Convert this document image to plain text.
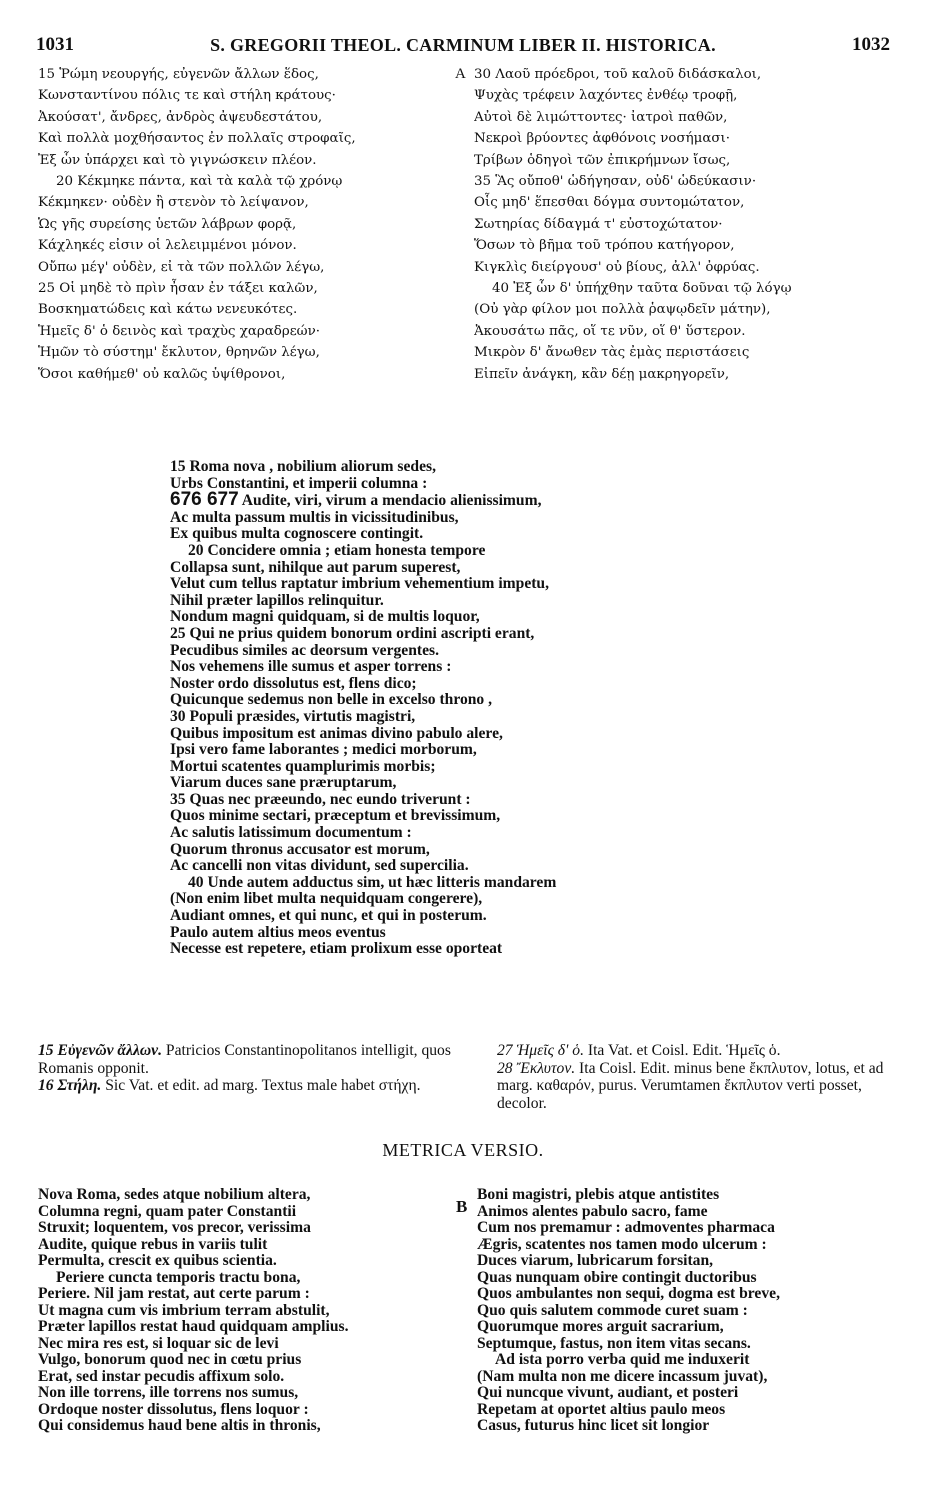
1031	S. GREGORII THEOL. CARMINUM LIBER II. HISTORICA.	1032
15 Ῥώμη νεουργής, εὐγενῶν ἄλλων ἕδος,
Κωνσταντίνου πόλις τε καὶ στήλη κράτους·
Ἀκούσατ', ἄνδρες, ἀνδρὸς ἀψευδεστάτου,
Καὶ πολλὰ μοχθήσαντος ἐν πολλαῖς στροφαῖς,
Ἐξ ὧν ὑπάρχει καὶ τὸ γιγνώσκειν πλέον.
20 Κέκμηκε πάντα, καὶ τὰ καλὰ τῷ χρόνῳ
Κέκμηκεν· οὐδὲν ἢ στενὸν τὸ λείψανον,
Ὡς γῆς συρείσης ὑετῶν λάβρων φορᾷ,
Κάχληκές εἰσιν οἱ λελειμμένοι μόνον.
Οὔπω μέγ' οὐδὲν, εἰ τὰ τῶν πολλῶν λέγω,
25 Οἱ μηδὲ τὸ πρὶν ἦσαν ἐν τάξει καλῶν,
Βοσκηματώδεις καὶ κάτω νενευκότες.
Ἡμεῖς δ' ὁ δεινὸς καὶ τραχὺς χαραδρεών·
Ἡμῶν τὸ σύστημ' ἔκλυτον, θρηνῶν λέγω,
Ὅσοι καθήμεθ' οὐ καλῶς ὑψίθρονοι,
A 30 Λαοῦ πρόεδροι, τοῦ καλοῦ διδάσκαλοι,
Ψυχὰς τρέφειν λαχόντες ἐνθέῳ τροφῇ,
Αὐτοὶ δὲ λιμώττοντες· ἰατροὶ παθῶν,
Νεκροὶ βρύοντες ἀφθόνοις νοσήμασι·
Τρίβων ὁδηγοὶ τῶν ἐπικρήμνων ἴσως,
35 Ἃς οὔποθ' ὡδήγησαν, οὐδ' ὡδεύκασιν·
Οἷς μηδ' ἕπεσθαι δόγμα συντομώτατον,
Σωτηρίας δίδαγμά τ' εὐστοχώτατον·
Ὅσων τὸ βῆμα τοῦ τρόπου κατήγορον,
Κιγκλὶς διείργουσ' οὐ βίους, ἀλλ' ὀφρύας.
40 Ἐξ ὧν δ' ὑπήχθην ταῦτα δοῦναι τῷ λόγῳ
(Οὐ γὰρ φίλον μοι πολλὰ ῥαψῳδεῖν μάτην),
Ἀκουσάτω πᾶς, οἵ τε νῦν, οἵ θ' ὕστερον.
Μικρὸν δ' ἄνωθεν τὰς ἐμὰς περιστάσεις
Εἰπεῖν ἀνάγκη, κἂν δέῃ μακρηγορεῖν,
15 Roma nova , nobilium aliorum sedes,
Urbs Constantini, et imperii columna :
676 677 Audite, viri, virum a mendacio alienissimum,
Ac multa passum multis in vicissitudinibus,
Ex quibus multa cognoscere contingit.
20 Concidere omnia ; etiam honesta tempore
Collapsa sunt, nihilque aut parum superest,
Velut cum tellus raptatur imbrium vehementium impetu,
Nihil præter lapillos relinquitur.
Nondum magni quidquam, si de multis loquor,
25 Qui ne prius quidem bonorum ordini ascripti erant,
Pecudibus similes ac deorsum vergentes.
Nos vehemens ille sumus et asper torrens :
Noster ordo dissolutus est, flens dico;
Quicunque sedemus non belle in excelso throno ,
30 Populi præsides, virtutis magistri,
Quibus impositum est animas divino pabulo alere,
Ipsi vero fame laborantes ; medici morborum,
Mortui scatentes quamplurimis morbis;
Viarum duces sane præruptarum,
35 Quas nec præeundo, nec eundo triverunt :
Quos minime sectari, præceptum et brevissimum,
Ac salutis latissimum documentum :
Quorum thronus accusator est morum,
Ac cancelli non vitas dividunt, sed supercilia.
40 Unde autem adductus sim, ut hæc litteris mandarem
(Non enim libet multa nequidquam congerere),
Audiant omnes, et qui nunc, et qui in posterum.
Paulo autem altius meos eventus
Necesse est repetere, etiam prolixum esse oporteat

15 Εὐγενῶν ἄλλων. Patricios Constantinopolitanos intelligit, quos Romanis opponit.

16 Στήλη. Sic Vat. et edit. ad marg. Textus male habet στήχη.

27 Ἡμεῖς δ' ὁ. Ita Vat. et Coisl. Edit. Ἡμεῖς ὁ.

28 Ἔκλυτον. Ita Coisl. Edit. minus bene ἔκπλυτον, lotus, et ad marg. καθαρόν, purus. Verumtamen ἔκπλυτον verti posset, decolor.

METRICA VERSIO.
Nova Roma, sedes atque nobilium altera,
Columna regni, quam pater Constantii
Struxit; loquentem, vos precor, verissima
Audite, quique rebus in variis tulit
Permulta, crescit ex quibus scientia.
Periere cuncta temporis tractu bona,
Periere. Nil jam restat, aut certe parum :
Ut magna cum vis imbrium terram abstulit,
Præter lapillos restat haud quidquam amplius.
Nec mira res est, si loquar sic de levi
Vulgo, bonorum quod nec in cœtu prius
Erat, sed instar pecudis affixum solo.
Non ille torrens, ille torrens nos sumus,
Ordoque noster dissolutus, flens loquor :
Qui considemus haud bene altis in thronis,
B
Boni magistri, plebis atque antistites
Animos alentes pabulo sacro, fame
Cum nos premamur : admoventes pharmaca
Ægris, scatentes nos tamen modo ulcerum :
Duces viarum, lubricarum forsitan,
Quas nunquam obire contingit ductoribus
Quos ambulantes non sequi, dogma est breve,
Quo quis salutem commode curet suam :
Quorumque mores arguit sacrarium,
Septumque, fastus, non item vitas secans.
Ad ista porro verba quid me induxerit
(Nam multa non me dicere incassum juvat),
Qui nuncque vivunt, audiant, et posteri
Repetam at oportet altius paulo meos
Casus, futurus hinc licet sit longior
